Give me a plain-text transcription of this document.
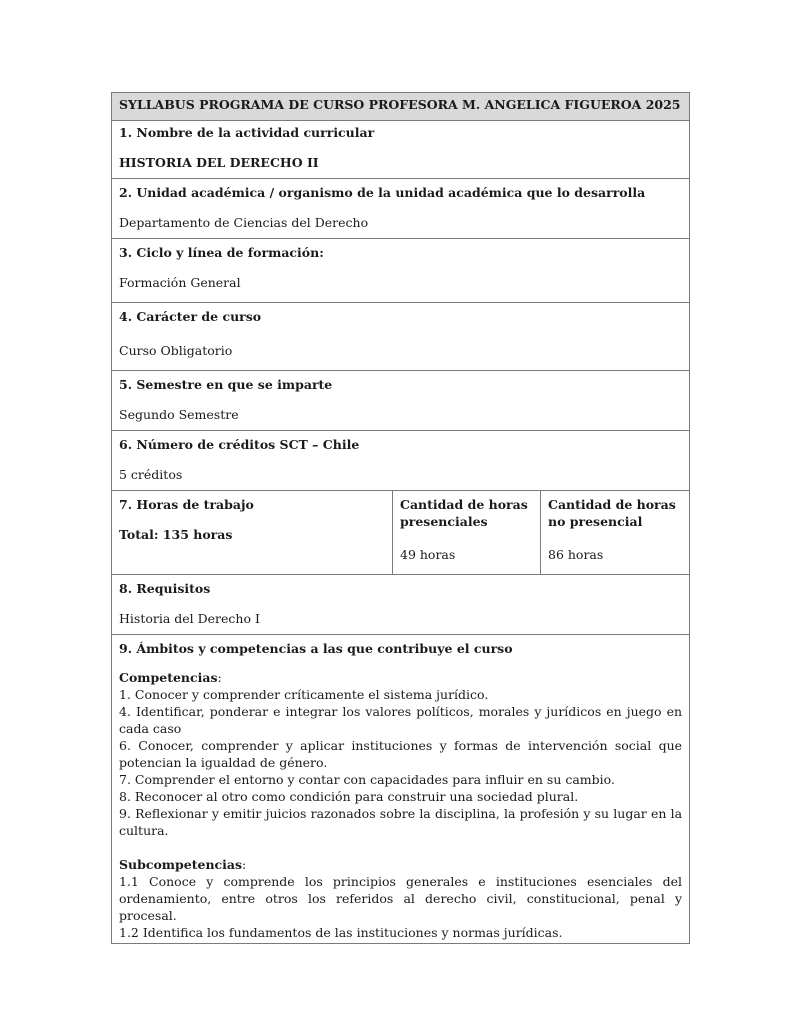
SYLLABUS PROGRAMA DE CURSO PROFESORA M. ANGELICA FIGUEROA 2025

1. Nombre de la actividad curricular
HISTORIA DEL DERECHO II

2. Unidad académica / organismo de la unidad académica que lo desarrolla
Departamento de Ciencias del Derecho

3. Ciclo y línea de formación:
Formación General

4. Carácter de curso
Curso Obligatorio

5. Semestre en que se imparte
Segundo Semestre

6. Número de créditos SCT – Chile
5 créditos

7. Horas de trabajo
Total: 135 horas

Cantidad de horas presenciales
49 horas

Cantidad de horas no presencial
86 horas

8. Requisitos
Historia del Derecho I

9. Ámbitos y competencias a las que contribuye el curso
Competencias:

1. Conocer y comprender críticamente el sistema jurídico.

4. Identificar, ponderar e integrar los valores políticos, morales y jurídicos en juego en cada caso

6. Conocer, comprender y aplicar instituciones y formas de intervención social que potencian la igualdad de género.

7. Comprender el entorno y contar con capacidades para influir en su cambio.

8. Reconocer al otro como condición para construir una sociedad plural.

9. Reflexionar y emitir juicios razonados sobre la disciplina, la profesión y su lugar en la cultura.

Subcompetencias:

1.1 Conoce y comprende los principios generales e instituciones esenciales del ordenamiento, entre otros los referidos al derecho civil, constitucional, penal y procesal.

1.2 Identifica los fundamentos de las instituciones y normas jurídicas.
